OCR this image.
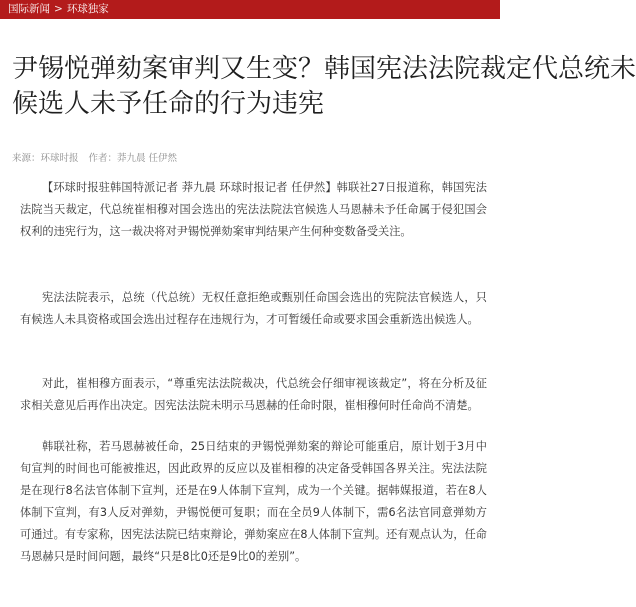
国际新闻 > 环球独家
尹锡悦弹劾案审判又生变？韩国宪法法院裁定代总统未
候选人未予任命的行为违宪
来源：环球时报 作者：莽九晨 任伊然

【环球时报驻韩国特派记者 莽九晨 环球时报记者 任伊然】韩联社27日报道称，韩国宪法法院当天裁定，代总统崔相穆对国会选出的宪法法院法官候选人马恩赫未予任命属于侵犯国会权利的违宪行为，这一裁决将对尹锡悦弹劾案审判结果产生何种变数备受关注。

宪法法院表示，总统（代总统）无权任意拒绝或甄别任命国会选出的宪院法官候选人，只有候选人未具资格或国会选出过程存在违规行为，才可暂缓任命或要求国会重新选出候选人。

对此，崔相穆方面表示，“尊重宪法法院裁决，代总统会仔细审视该裁定”，将在分析及征求相关意见后再作出决定。因宪法法院未明示马恩赫的任命时限，崔相穆何时任命尚不清楚。

韩联社称，若马恩赫被任命，25日结束的尹锡悦弹劾案的辩论可能重启，原计划于3月中旬宣判的时间也可能被推迟，因此政界的反应以及崔相穆的决定备受韩国各界关注。宪法法院是在现行8名法官体制下宣判，还是在9人体制下宣判，成为一个关键。据韩媒报道，若在8人体制下宣判，有3人反对弹劾，尹锡悦便可复职；而在全员9人体制下，需6名法官同意弹劾方可通过。有专家称，因宪法法院已结束辩论，弹劾案应在8人体制下宣判。还有观点认为，任命马恩赫只是时间问题，最终“只是8比0还是9比0的差别”。
